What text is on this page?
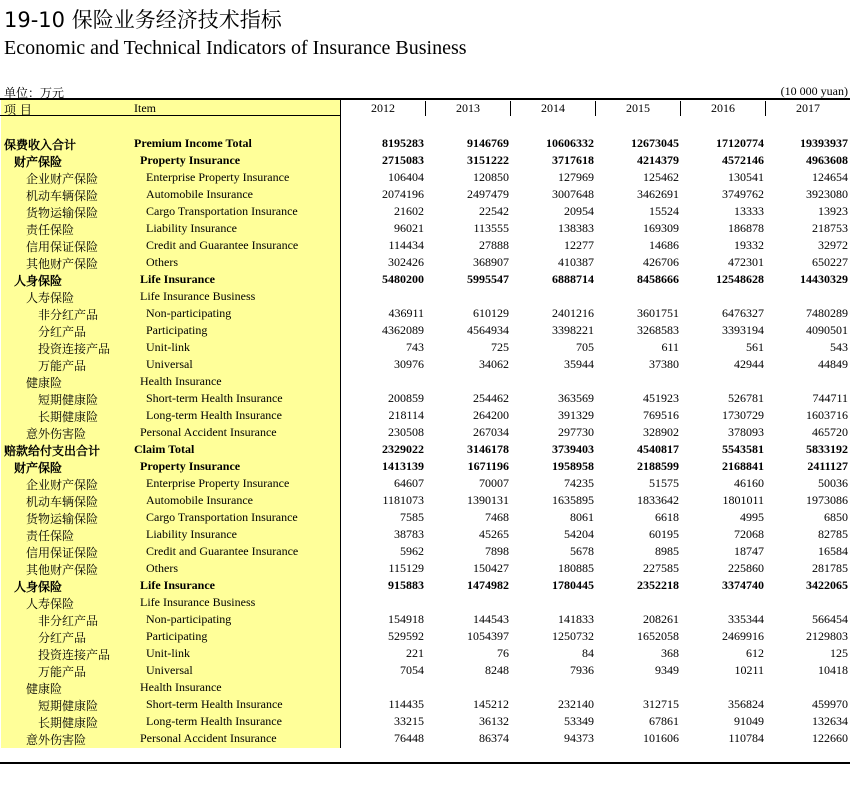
19-10 保险业务经济技术指标
Economic and Technical Indicators of Insurance Business
单位：万元	(10 000 yuan)
项 目	Item	2012	2013	2014	2015	2016	2017
保费收入合计	Premium Income Total	8195283	9146769	10606332	12673045	17120774	19393937
财产保险	Property Insurance	2715083	3151222	3717618	4214379	4572146	4963608
企业财产保险	Enterprise Property Insurance	106404	120850	127969	125462	130541	124654
机动车辆保险	Automobile Insurance	2074196	2497479	3007648	3462691	3749762	3923080
货物运输保险	Cargo Transportation Insurance	21602	22542	20954	15524	13333	13923
责任保险	Liability Insurance	96021	113555	138383	169309	186878	218753
信用保证保险	Credit and Guarantee Insurance	114434	27888	12277	14686	19332	32972
其他财产保险	Others	302426	368907	410387	426706	472301	650227
人身保险	Life Insurance	5480200	5995547	6888714	8458666	12548628	14430329
人寿保险	Life Insurance Business
非分红产品	Non-participating	436911	610129	2401216	3601751	6476327	7480289
分红产品	Participating	4362089	4564934	3398221	3268583	3393194	4090501
投资连接产品	Unit-link	743	725	705	611	561	543
万能产品	Universal	30976	34062	35944	37380	42944	44849
健康险	Health Insurance
短期健康险	Short-term Health Insurance	200859	254462	363569	451923	526781	744711
长期健康险	Long-term Health Insurance	218114	264200	391329	769516	1730729	1603716
意外伤害险	Personal Accident Insurance	230508	267034	297730	328902	378093	465720
赔款给付支出合计	Claim Total	2329022	3146178	3739403	4540817	5543581	5833192
财产保险	Property Insurance	1413139	1671196	1958958	2188599	2168841	2411127
企业财产保险	Enterprise Property Insurance	64607	70007	74235	51575	46160	50036
机动车辆保险	Automobile Insurance	1181073	1390131	1635895	1833642	1801011	1973086
货物运输保险	Cargo Transportation Insurance	7585	7468	8061	6618	4995	6850
责任保险	Liability Insurance	38783	45265	54204	60195	72068	82785
信用保证保险	Credit and Guarantee Insurance	5962	7898	5678	8985	18747	16584
其他财产保险	Others	115129	150427	180885	227585	225860	281785
人身保险	Life Insurance	915883	1474982	1780445	2352218	3374740	3422065
人寿保险	Life Insurance Business
非分红产品	Non-participating	154918	144543	141833	208261	335344	566454
分红产品	Participating	529592	1054397	1250732	1652058	2469916	2129803
投资连接产品	Unit-link	221	76	84	368	612	125
万能产品	Universal	7054	8248	7936	9349	10211	10418
健康险	Health Insurance
短期健康险	Short-term Health Insurance	114435	145212	232140	312715	356824	459970
长期健康险	Long-term Health Insurance	33215	36132	53349	67861	91049	132634
意外伤害险	Personal Accident Insurance	76448	86374	94373	101606	110784	122660
